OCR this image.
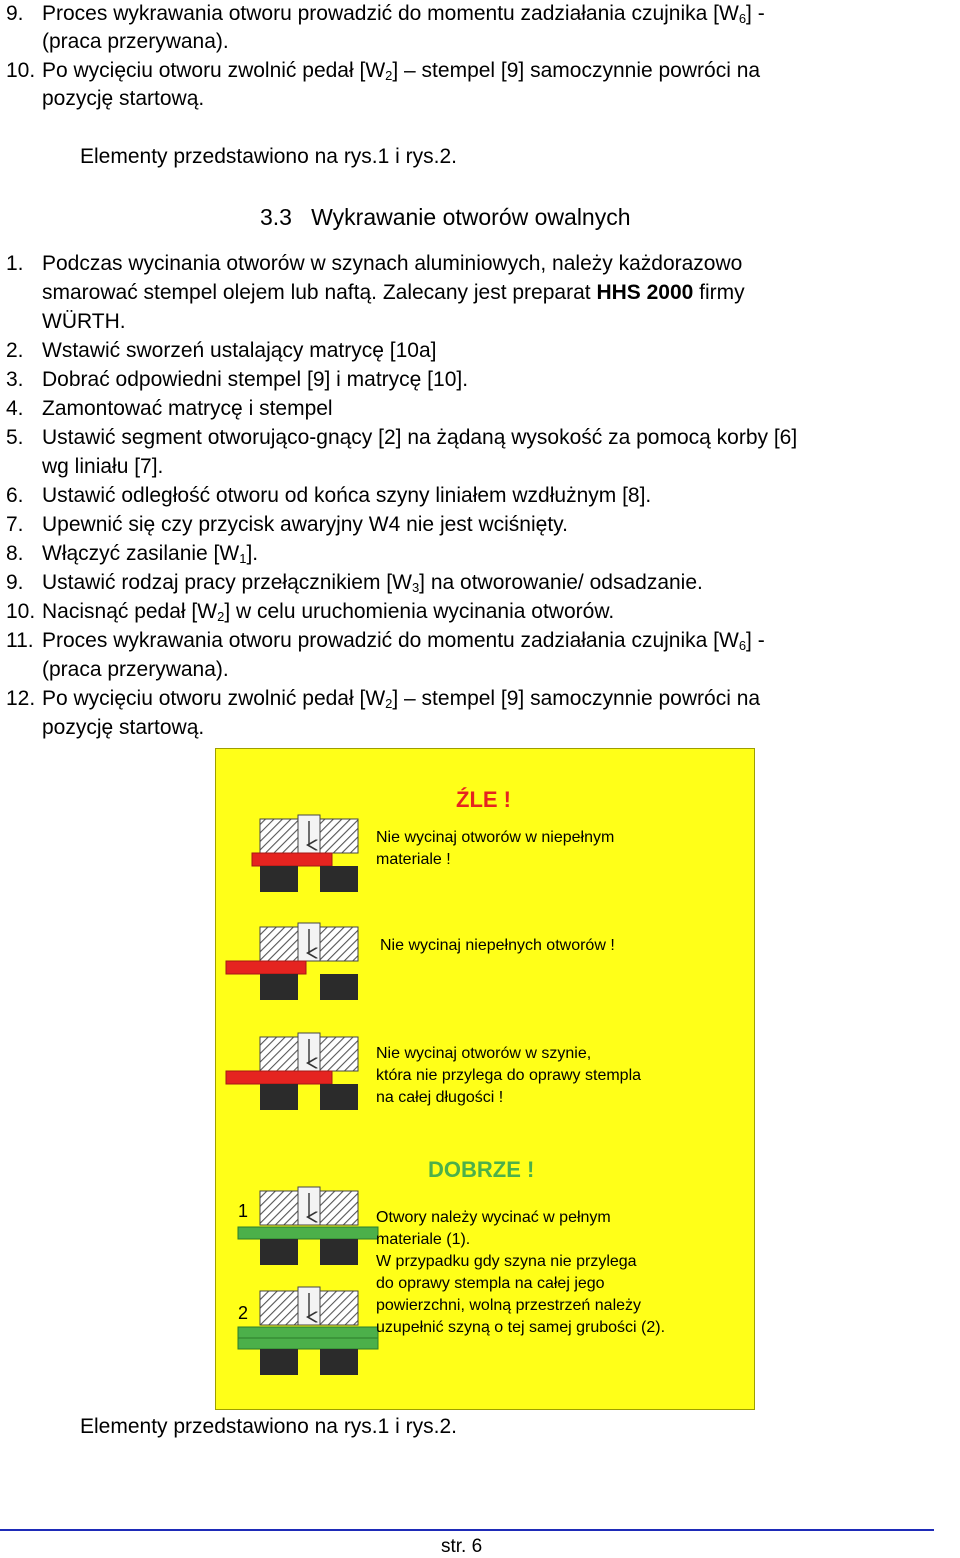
9. Proces wykrawania otworu prowadzić do momentu zadziałania czujnika $[W_6]$ -
(praca przerywana).
10. Po wycięciu otworu zwolnić pedał $[W_2]$ – stempel [9] samoczynnie powróci na
pozycję startową.
Elementy przedstawiono na rys.1 i rys.2.
3.3 Wykrawanie otworów owalnych
1. Podczas wycinania otworów w szynach aluminiowych, należy każdorazowo
smarować stempel olejem lub naftą. Zalecany jest preparat HHS 2000 firmy
WÜRTH.
2. Wstawić sworzeń ustalający matrycę [10a]
3. Dobrać odpowiedni stempel [9] i matrycę [10].
4. Zamontować matrycę i stempel
5. Ustawić segment otworująco-gnący [2] na żądaną wysokość za pomocą korby [6]
wg liniału [7].
6. Ustawić odległość otworu od końca szyny liniałem wzdłużnym [8].
7. Upewnić się czy przycisk awaryjny W4 nie jest wciśnięty.
8. Włączyć zasilanie $[W_1]$.
9. Ustawić rodzaj pracy przełącznikiem $[W_3]$ na otworowanie/ odsadzanie.
10. Nacisnąć pedał $[W_2]$ w celu uruchomienia wycinania otworów.
11. Proces wykrawania otworu prowadzić do momentu zadziałania czujnika $[W_6]$ -
(praca przerywana).
12. Po wycięciu otworu zwolnić pedał $[W_2]$ – stempel [9] samoczynnie powróci na
pozycję startową.
ŹLE !
Nie wycinaj otworów w niepełnym
materiale !
Nie wycinaj niepełnych otworów !
Nie wycinaj otworów w szynie,
która nie przylega do oprawy stempla
na całej długości !
DOBRZE !
1
2
Otwory należy wycinać w pełnym
materiale (1).
W przypadku gdy szyna nie przylega
do oprawy stempla na całej jego
powierzchni, wolną przestrzeń należy
uzupełnić szyną o tej samej grubości (2).
Elementy przedstawiono na rys.1 i rys.2.
str. 6
